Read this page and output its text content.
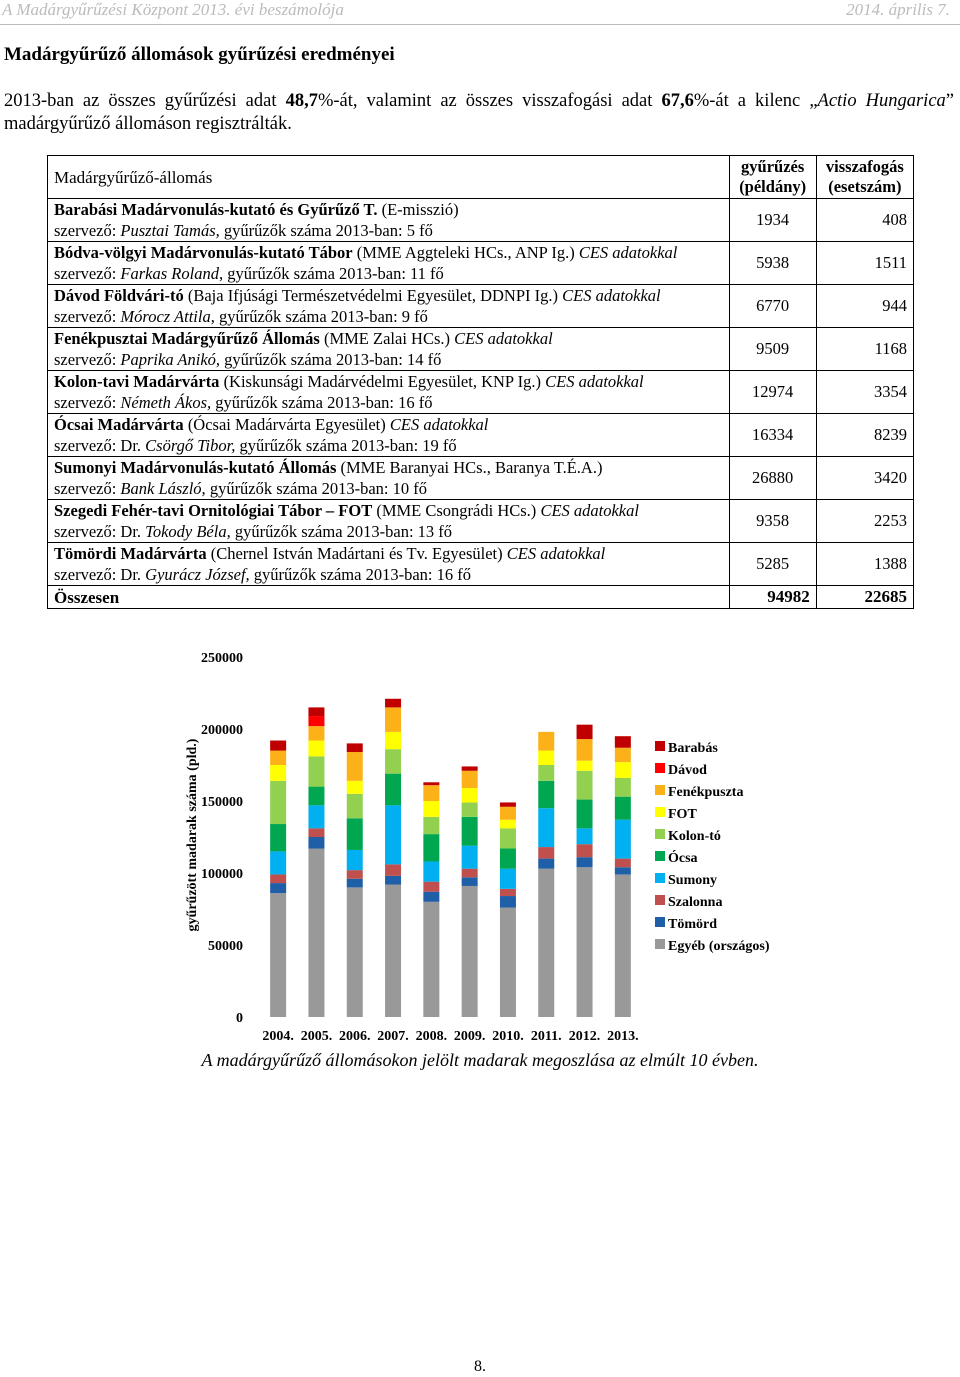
A Madárgyűrűzési Központ 2013. évi beszámolója	2014. április 7.
Madárgyűrűző állomások gyűrűzési eredményei
2013-ban az összes gyűrűzési adat 48,7%-át, valamint az összes visszafogási adat 67,6%-át a kilenc „Actio Hungarica” madárgyűrűző állomáson regisztrálták.
Madárgyűrűző-állomás	gyűrűzés (példány)	visszafogás (esetszám)
Barabási Madárvonulás-kutató és Gyűrűző T. (E-misszió)
szervező: Pusztai Tamás, gyűrűzők száma 2013-ban: 5 fő	1934	408
Bódva-völgyi Madárvonulás-kutató Tábor (MME Aggteleki HCs., ANP Ig.) CES adatokkal
szervező: Farkas Roland, gyűrűzők száma 2013-ban: 11 fő	5938	1511
Dávod Földvári-tó (Baja Ifjúsági Természetvédelmi Egyesület, DDNPI Ig.) CES adatokkal
szervező: Mórocz Attila, gyűrűzők száma 2013-ban: 9 fő	6770	944
Fenékpusztai Madárgyűrűző Állomás (MME Zalai HCs.) CES adatokkal
szervező: Paprika Anikó, gyűrűzők száma 2013-ban: 14 fő	9509	1168
Kolon-tavi Madárvárta (Kiskunsági Madárvédelmi Egyesület, KNP Ig.) CES adatokkal
szervező: Németh Ákos, gyűrűzők száma 2013-ban: 16 fő	12974	3354
Ócsai Madárvárta (Ócsai Madárvárta Egyesület) CES adatokkal
szervező: Dr. Csörgő Tibor, gyűrűzők száma 2013-ban: 19 fő	16334	8239
Sumonyi Madárvonulás-kutató Állomás (MME Baranyai HCs., Baranya T.É.A.)
szervező: Bank László, gyűrűzők száma 2013-ban: 10 fő	26880	3420
Szegedi Fehér-tavi Ornitológiai Tábor – FOT (MME Csongrádi HCs.) CES adatokkal
szervező: Dr. Tokody Béla, gyűrűzők száma 2013-ban: 13 fő	9358	2253
Tömördi Madárvárta (Chernel István Madártani és Tv. Egyesület) CES adatokkal
szervező: Dr. Gyurácz József, gyűrűzők száma 2013-ban: 16 fő	5285	1388
Összesen	94982	22685
0
50000
100000
150000
200000
250000
gyűrűzött madarak száma (pld.)
2004. 2005. 2006. 2007. 2008. 2009. 2010. 2011. 2012. 2013.
Barabás
Dávod
Fenékpuszta
FOT
Kolon-tó
Ócsa
Sumony
Szalonna
Tömörd
Egyéb (országos)
A madárgyűrűző állomásokon jelölt madarak megoszlása az elmúlt 10 évben.
8.
